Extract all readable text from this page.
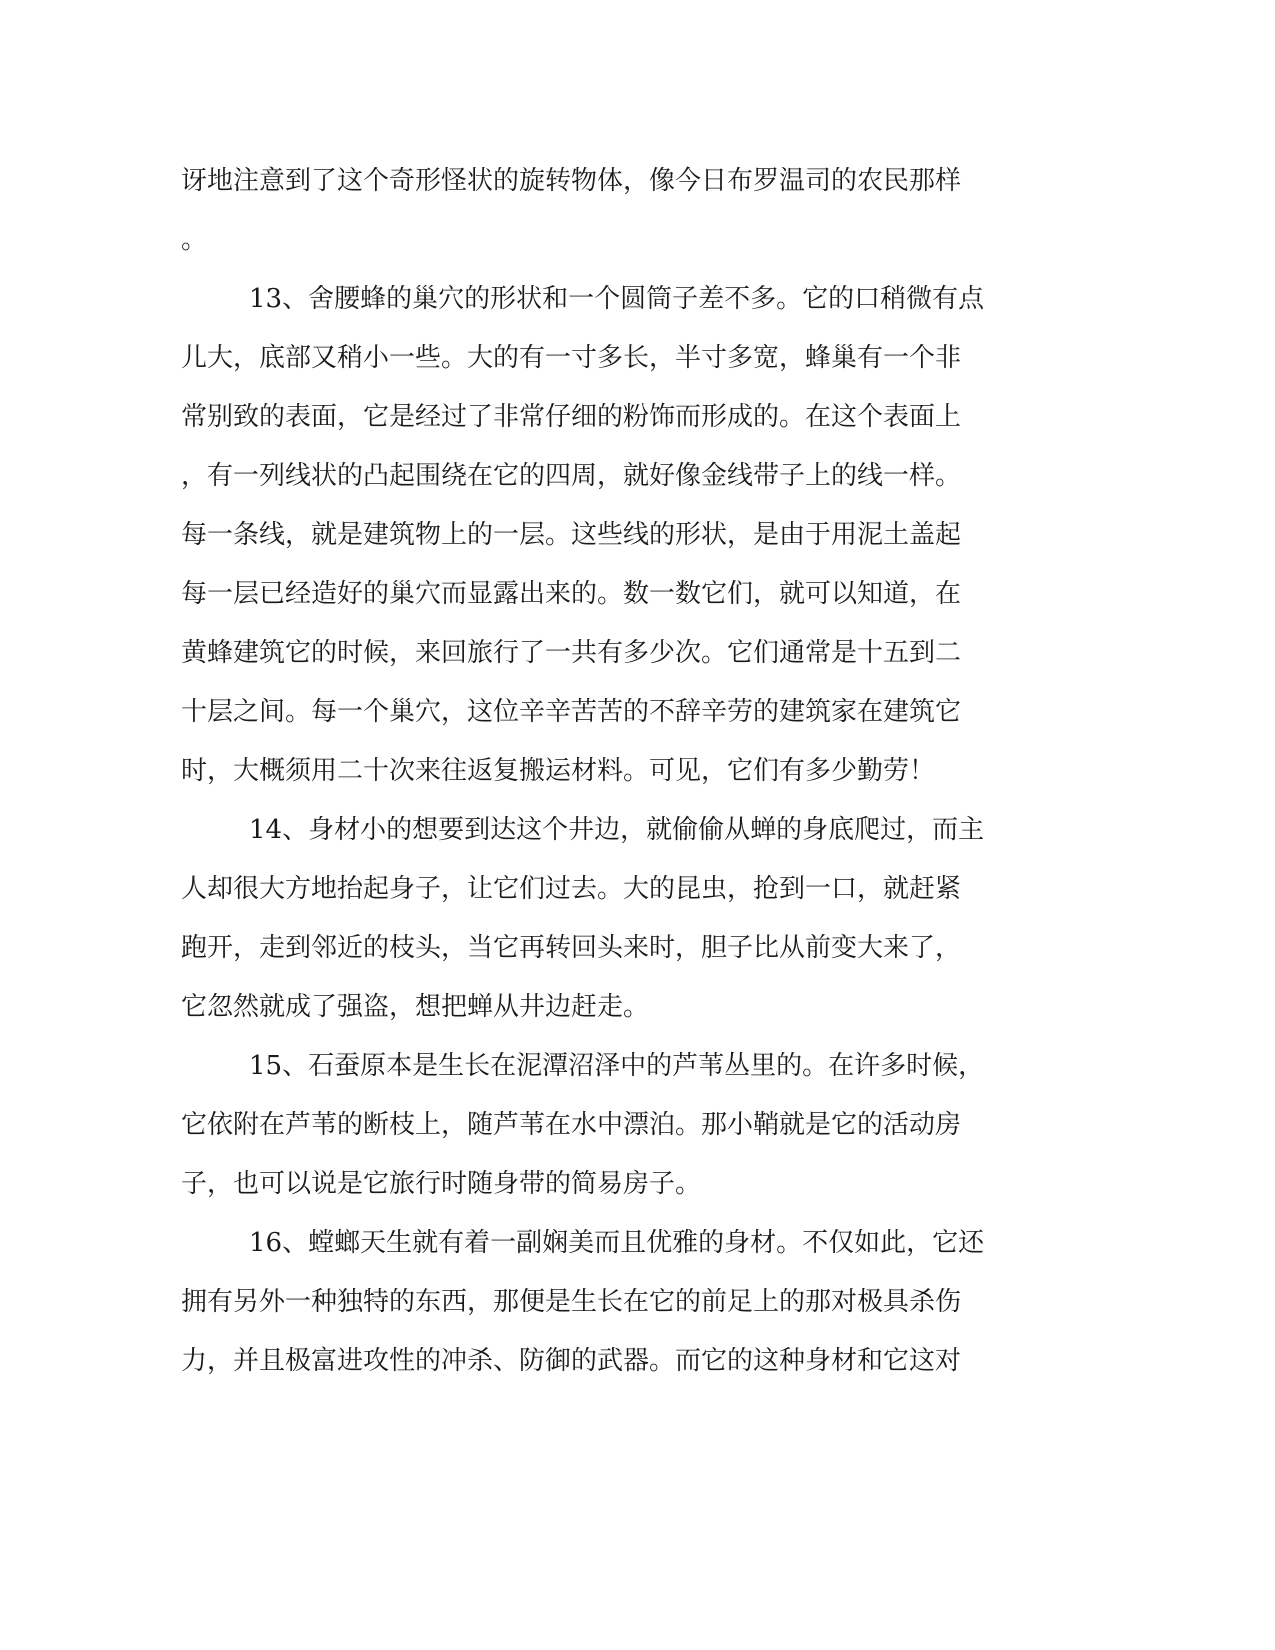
讶地注意到了这个奇形怪状的旋转物体，像今日布罗温司的农民那样
。
13、舍腰蜂的巢穴的形状和一个圆筒子差不多。它的口稍微有点
儿大，底部又稍小一些。大的有一寸多长，半寸多宽，蜂巢有一个非
常别致的表面，它是经过了非常仔细的粉饰而形成的。在这个表面上
，有一列线状的凸起围绕在它的四周，就好像金线带子上的线一样。
每一条线，就是建筑物上的一层。这些线的形状，是由于用泥土盖起
每一层已经造好的巢穴而显露出来的。数一数它们，就可以知道，在
黄蜂建筑它的时候，来回旅行了一共有多少次。它们通常是十五到二
十层之间。每一个巢穴，这位辛辛苦苦的不辞辛劳的建筑家在建筑它
时，大概须用二十次来往返复搬运材料。可见，它们有多少勤劳！
14、身材小的想要到达这个井边，就偷偷从蝉的身底爬过，而主
人却很大方地抬起身子，让它们过去。大的昆虫，抢到一口，就赶紧
跑开，走到邻近的枝头，当它再转回头来时，胆子比从前变大来了，
它忽然就成了强盗，想把蝉从井边赶走。
15、石蚕原本是生长在泥潭沼泽中的芦苇丛里的。在许多时候，
它依附在芦苇的断枝上，随芦苇在水中漂泊。那小鞘就是它的活动房
子，也可以说是它旅行时随身带的简易房子。
16、螳螂天生就有着一副娴美而且优雅的身材。不仅如此，它还
拥有另外一种独特的东西，那便是生长在它的前足上的那对极具杀伤
力，并且极富进攻性的冲杀、防御的武器。而它的这种身材和它这对
